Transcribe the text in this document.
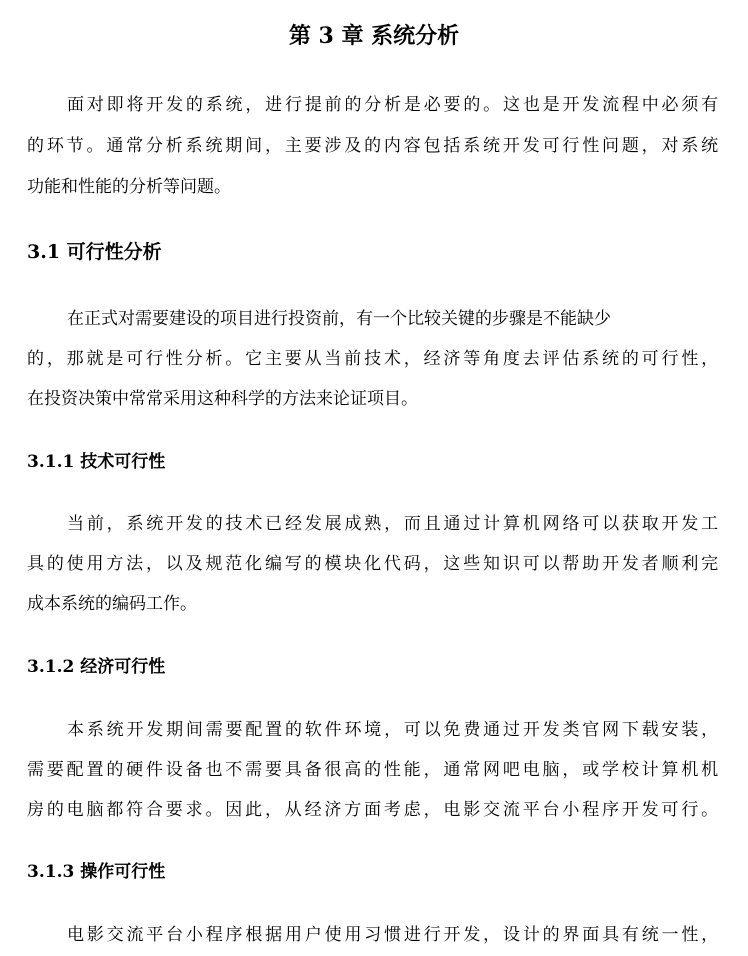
第 3 章 系统分析
面对即将开发的系统，进行提前的分析是必要的。这也是开发流程中必须有
的环节。通常分析系统期间，主要涉及的内容包括系统开发可行性问题，对系统
功能和性能的分析等问题。
3.1 可行性分析
在正式对需要建设的项目进行投资前，有一个比较关键的步骤是不能缺少
的，那就是可行性分析。它主要从当前技术，经济等角度去评估系统的可行性，
在投资决策中常常采用这种科学的方法来论证项目。
3.1.1 技术可行性
当前，系统开发的技术已经发展成熟，而且通过计算机网络可以获取开发工
具的使用方法，以及规范化编写的模块化代码，这些知识可以帮助开发者顺利完
成本系统的编码工作。
3.1.2 经济可行性
本系统开发期间需要配置的软件环境，可以免费通过开发类官网下载安装，
需要配置的硬件设备也不需要具备很高的性能，通常网吧电脑，或学校计算机机
房的电脑都符合要求。因此，从经济方面考虑，电影交流平台小程序开发可行。
3.1.3 操作可行性
电影交流平台小程序根据用户使用习惯进行开发，设计的界面具有统一性，
